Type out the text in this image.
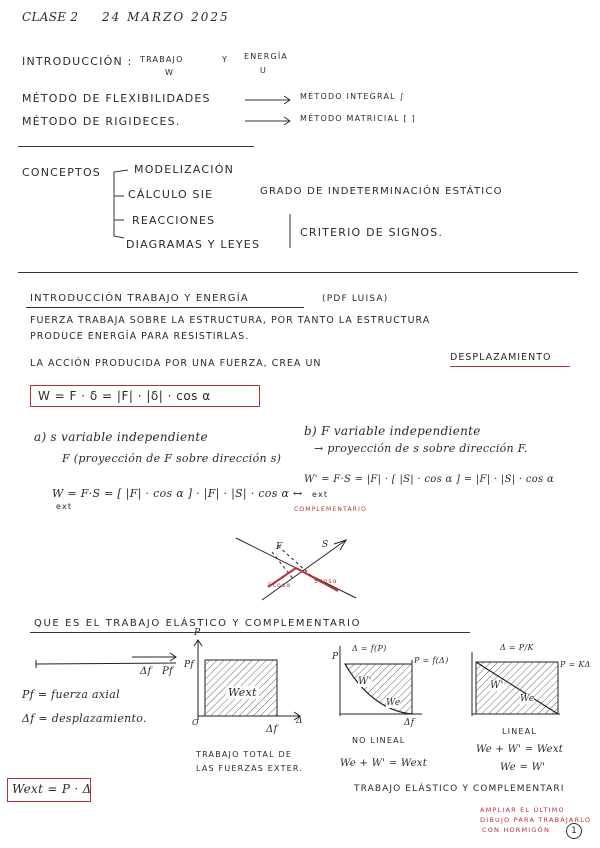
CLASE 2 24 MARZO 2025
INTRODUCCIÓN : TRABAJO	Y ENERGÍA
W	U
MÉTODO DE FLEXIBILIDADES
MÉTODO DE RIGIDECES.
MÉTODO INTEGRAL ∫
MÉTODO MATRICIAL [ ]
CONCEPTOS	MODELIZACIÓN
CÁLCULO SIE
REACCIONES
DIAGRAMAS Y LEYES
GRADO DE INDETERMINACIÓN ESTÁTICO
CRITERIO DE SIGNOS.
INTRODUCCIÓN TRABAJO Y ENERGÍA	(PDF LUISA)
FUERZA TRABAJA SOBRE LA ESTRUCTURA, POR TANTO LA ESTRUCTURA
PRODUCE ENERGÍA PARA RESISTIRLAS.
LA ACCIÓN PRODUCIDA POR UNA FUERZA, CREA UN
DESPLAZAMIENTO
W = F · δ = |F| · |δ| · cos α
a) s variable independiente
F (proyección de F sobre dirección s)
b) F variable independiente
→ proyección de s sobre dirección F.
W = F·S = [ |F| · cos α ] · |F| · |S| · cos α ↔
ext
W' = F·S = |F| · [ |S| · cos α ] = |F| · |S| · cos α
ext
COMPLEMENTARIO
F	S
Fcosα
Scosα
QUE ES EL TRABAJO ELÁSTICO Y COMPLEMENTARIO
Δf Pf
Pf = fuerza axial
Δf = desplazamiento.
Wext = P · Δ
P
Δ
Pf
O
Wext
Δf
TRABAJO TOTAL DE
LAS FUERZAS EXTER.
P
Δ = f(P)
P = f(Δ)
W'
We
Δf
NO LINEAL
We + W' = Wext
Δ = P/K
P = KΔ
W'
We
LINEAL
We + W' = Wext
We = W'
TRABAJO ELÁSTICO Y COMPLEMENTARI
AMPLIAR EL ÚLTIMO
DIBUJO PARA TRABAJARLO
CON HORMIGÓN	1
